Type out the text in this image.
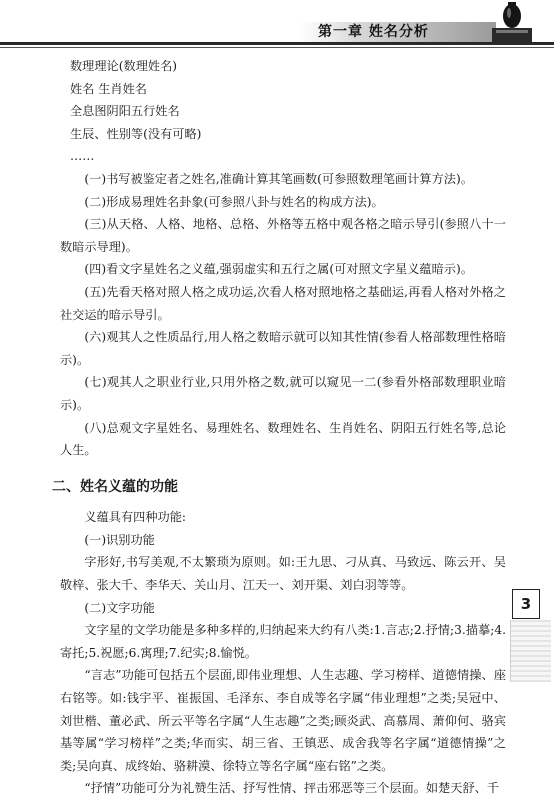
第一章 姓名分析
3

数理理论(数理姓名)

姓名 生肖姓名

全息图阴阳五行姓名

生辰、性别等(没有可略)

……

(一)书写被鉴定者之姓名,准确计算其笔画数(可参照数理笔画计算方法)。

(二)形成易理姓名卦象(可参照八卦与姓名的构成方法)。

(三)从天格、人格、地格、总格、外格等五格中观各格之暗示导引(参照八十一数暗示导理)。

(四)看文字星姓名之义蕴,强弱虚实和五行之属(可对照文字星义蕴暗示)。

(五)先看天格对照人格之成功运,次看人格对照地格之基础运,再看人格对外格之社交运的暗示导引。

(六)观其人之性质品行,用人格之数暗示就可以知其性情(参看人格部数理性格暗示)。

(七)观其人之职业行业,只用外格之数,就可以窥见一二(参看外格部数理职业暗示)。

(八)总观文字星姓名、易理姓名、数理姓名、生肖姓名、阴阳五行姓名等,总论人生。

二、姓名义蕴的功能

义蕴具有四种功能:

(一)识别功能

字形好,书写美观,不太繁琐为原则。如:王九思、刁从真、马致远、陈云开、吴敬梓、张大千、李华天、关山月、江天一、刘开渠、刘白羽等等。

(二)文字功能

文字星的文学功能是多种多样的,归纳起来大约有八类:1.言志;2.抒情;3.描摹;4.寄托;5.祝愿;6.寓理;7.纪实;8.愉悦。

“言志”功能可包括五个层面,即伟业理想、人生志趣、学习榜样、道德情操、座右铭等。如:钱宇平、崔振国、毛泽东、李自成等名字属“伟业理想”之类;吴冠中、刘世楷、董必武、所云平等名字属“人生志趣”之类;顾炎武、高慕周、萧仰何、骆宾基等属“学习榜样”之类;华而实、胡三省、王镇恶、成舍我等名字属“道德情操”之类;吴向真、成终始、骆耕漠、徐特立等名字属“座右铭”之类。

“抒情”功能可分为礼赞生活、抒写性情、抨击邪恶等三个层面。如楚天舒、千
